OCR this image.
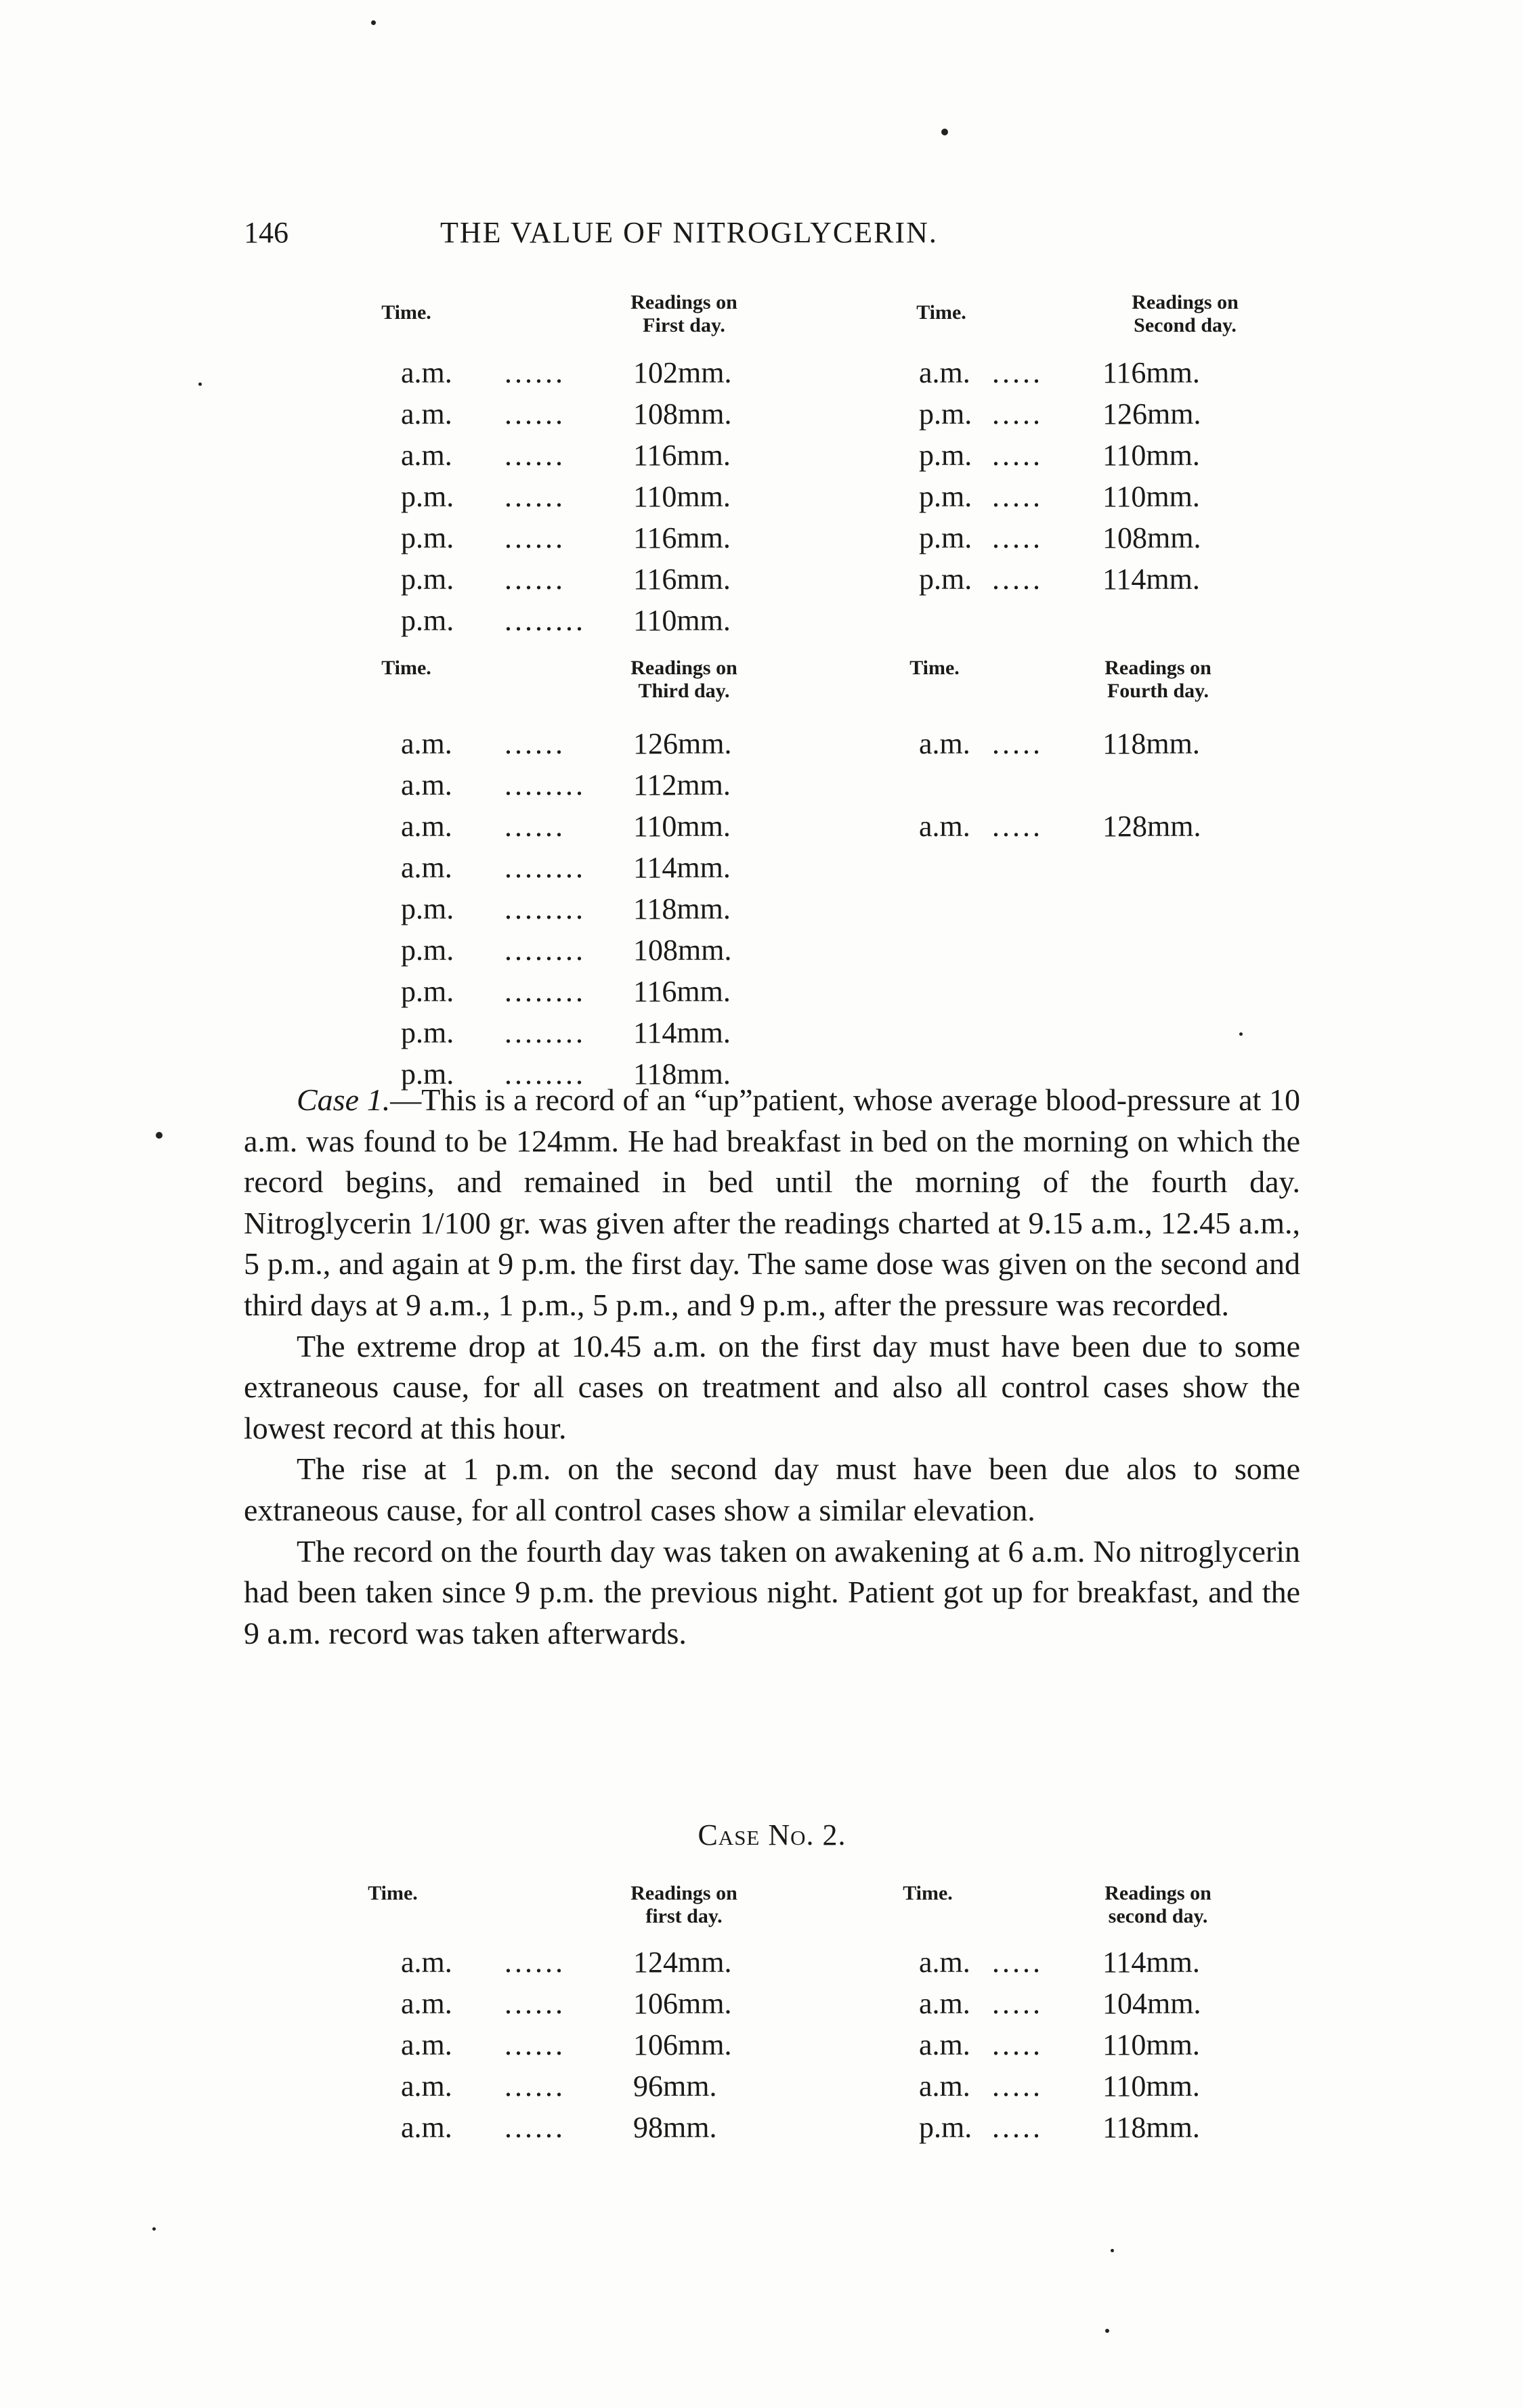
146	THE VALUE OF NITROGLYCERIN.
Time.	Readings on
First day.
Time.	Readings on
Second day.
a.m. ...... 102mm.
a.m. ...... 108mm.
a.m. ...... 116mm.
p.m. ...... 110mm.
p.m. ...... 116mm.
p.m. ...... 116mm.
p.m. ........ 110mm.
a.m. ..... 116mm.
p.m. ..... 126mm.
p.m. ..... 110mm.
p.m. ..... 110mm.
p.m. ..... 108mm.
p.m. ..... 114mm.
Time.	Readings on
Third day.
Time.	Readings on
Fourth day.
a.m. ...... 126mm.
a.m. ........ 112mm.
a.m. ...... 110mm.
a.m. ........ 114mm.
p.m. ........ 118mm.
p.m. ........ 108mm.
p.m. ........ 116mm.
p.m. ........ 114mm.
p.m. ........ 118mm.
a.m. ..... 118mm.
a.m. ..... 128mm.

Case 1.—This is a record of an “up”patient, whose average blood-pressure at 10 a.m. was found to be 124mm. He had breakfast in bed on the morning on which the record begins, and remained in bed until the morning of the fourth day. Nitroglycerin 1/100 gr. was given after the readings charted at 9.15 a.m., 12.45 a.m., 5 p.m., and again at 9 p.m. the first day. The same dose was given on the second and third days at 9 a.m., 1 p.m., 5 p.m., and 9 p.m., after the pressure was recorded.

The extreme drop at 10.45 a.m. on the first day must have been due to some extraneous cause, for all cases on treatment and also all control cases show the lowest record at this hour.

The rise at 1 p.m. on the second day must have been due alos to some extraneous cause, for all control cases show a similar elevation.

The record on the fourth day was taken on awakening at 6 a.m. No nitroglycerin had been taken since 9 p.m. the previous night. Patient got up for breakfast, and the 9 a.m. record was taken afterwards.

Case No. 2.
Time.	Readings on
first day.
Time.	Readings on
second day.
a.m. ...... 124mm.
a.m. ...... 106mm.
a.m. ...... 106mm.
a.m. ...... 96mm.
a.m. ...... 98mm.
a.m. ..... 114mm.
a.m. ..... 104mm.
a.m. ..... 110mm.
a.m. ..... 110mm.
p.m. ..... 118mm.
